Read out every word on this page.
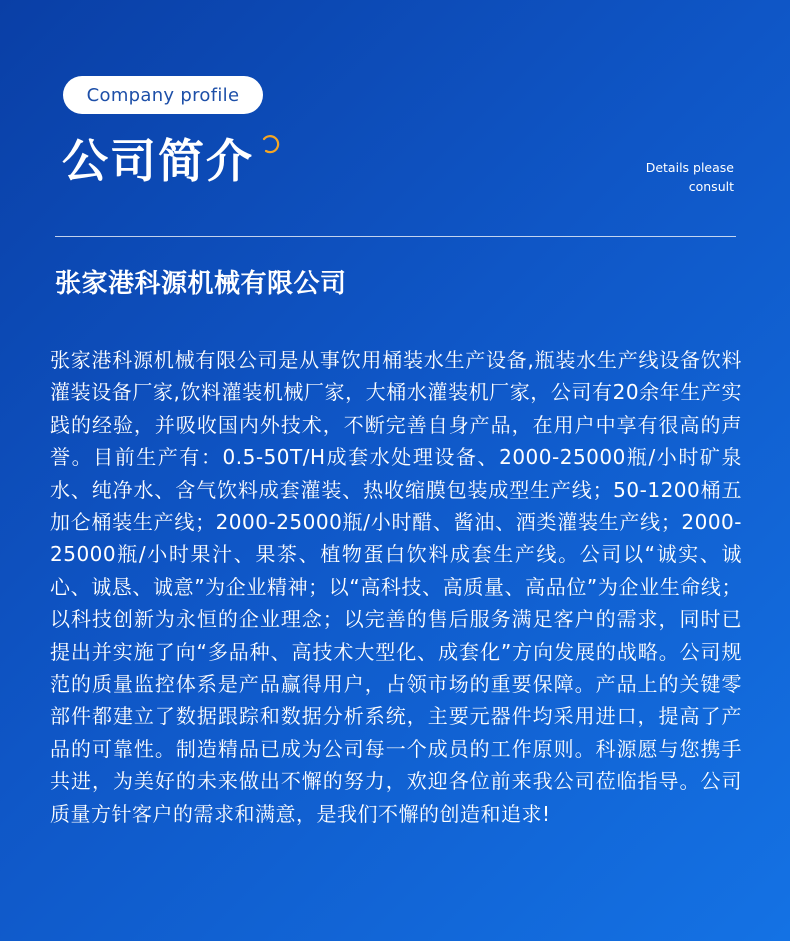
Company profile
公司简介	Details please
consult
张家港科源机械有限公司
张家港科源机械有限公司是从事饮用桶装水生产设备,瓶装水生产线设备饮料灌装设备厂家,饮料灌装机械厂家，大桶水灌装机厂家，公司有20余年生产实践的经验，并吸收国内外技术，不断完善自身产品，在用户中享有很高的声誉。目前生产有：0.5-50T/H成套水处理设备、2000-25000瓶/小时矿泉水、纯净水、含气饮料成套灌装、热收缩膜包装成型生产线；50-1200桶五加仑桶装生产线；2000-25000瓶/小时醋、酱油、酒类灌装生产线；2000-25000瓶/小时果汁、果茶、植物蛋白饮料成套生产线。公司以“诚实、诚心、诚恳、诚意”为企业精神；以“高科技、高质量、高品位”为企业生命线；以科技创新为永恒的企业理念；以完善的售后服务满足客户的需求，同时已提出并实施了向“多品种、高技术大型化、成套化”方向发展的战略。公司规范的质量监控体系是产品赢得用户，占领市场的重要保障。产品上的关键零部件都建立了数据跟踪和数据分析系统，主要元器件均采用进口，提高了产品的可靠性。制造精品已成为公司每一个成员的工作原则。科源愿与您携手共进，为美好的未来做出不懈的努力，欢迎各位前来我公司莅临指导。公司质量方针客户的需求和满意，是我们不懈的创造和追求!
